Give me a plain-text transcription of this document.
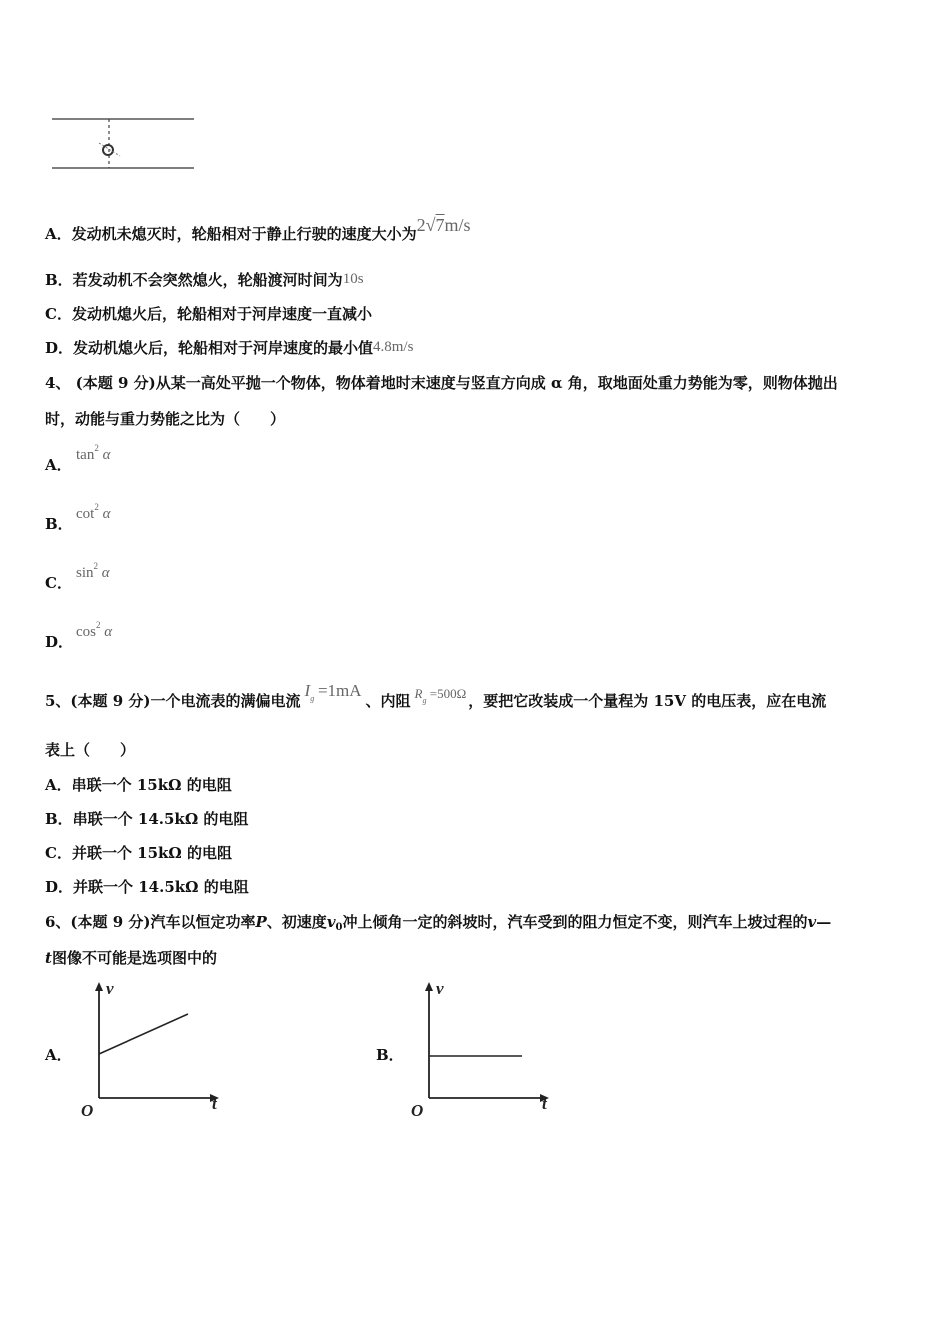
A．发动机未熄灭时，轮船相对于静止行驶的速度大小为2√7m/s
B．若发动机不会突然熄火，轮船渡河时间为10s
C．发动机熄火后，轮船相对于河岸速度一直减小
D．发动机熄火后，轮船相对于河岸速度的最小值4.8m/s
4、 (本题 9 分)从某一高处平抛一个物体，物体着地时末速度与竖直方向成 α 角，取地面处重力势能为零，则物体抛出
时，动能与重力势能之比为（　　）
A．
$\tan^2 \alpha$
B．
$\cot^2 \alpha$
C．
$\sin^2 \alpha$
D．
$\cos^2 \alpha$
5、(本题 9 分)一个电流表的满偏电流$I_g =1mA$、内阻 $R_g =500\Omega$ ，要把它改装成一个量程为 15V 的电压表，应在电流
表上（　　）
A．串联一个 15kΩ 的电阻
B．串联一个 14.5kΩ 的电阻
C．并联一个 15kΩ 的电阻
D．并联一个 14.5kΩ 的电阻
6、(本题 9 分)汽车以恒定功率P、初速度$v_0$冲上倾角一定的斜坡时，汽车受到的阻力恒定不变，则汽车上坡过程的v—
t图像不可能是选项图中的
A．
v
t
O
B．
v
t
O
